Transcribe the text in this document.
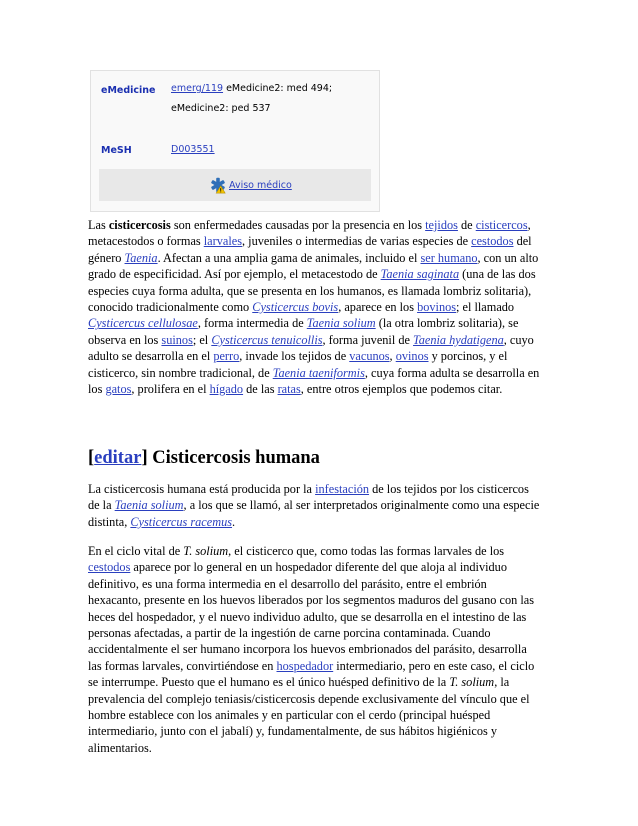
eMedicine emerg/119 eMedicine2: med 494;
eMedicine2: ped 537
MeSH	D003551
Aviso médico
Las cisticercosis son enfermedades causadas por la presencia en los tejidos de cisticercos,
metacestodos o formas larvales, juveniles o intermedias de varias especies de cestodos del
género Taenia. Afectan a una amplia gama de animales, incluido el ser humano, con un alto
grado de especificidad. Así por ejemplo, el metacestodo de Taenia saginata (una de las dos
especies cuya forma adulta, que se presenta en los humanos, es llamada lombriz solitaria),
conocido tradicionalmente como Cysticercus bovis, aparece en los bovinos; el llamado
Cysticercus cellulosae, forma intermedia de Taenia solium (la otra lombriz solitaria), se
observa en los suinos; el Cysticercus tenuicollis, forma juvenil de Taenia hydatigena, cuyo
adulto se desarrolla en el perro, invade los tejidos de vacunos, ovinos y porcinos, y el
cisticerco, sin nombre tradicional, de Taenia taeniformis, cuya forma adulta se desarrolla en
los gatos, prolifera en el hígado de las ratas, entre otros ejemplos que podemos citar.
[editar] Cisticercosis humana
La cisticercosis humana está producida por la infestación de los tejidos por los cisticercos
de la Taenia solium, a los que se llamó, al ser interpretados originalmente como una especie
distinta, Cysticercus racemus.
En el ciclo vital de T. solium, el cisticerco que, como todas las formas larvales de los
cestodos aparece por lo general en un hospedador diferente del que aloja al individuo
definitivo, es una forma intermedia en el desarrollo del parásito, entre el embrión
hexacanto, presente en los huevos liberados por los segmentos maduros del gusano con las
heces del hospedador, y el nuevo individuo adulto, que se desarrolla en el intestino de las
personas afectadas, a partir de la ingestión de carne porcina contaminada. Cuando
accidentalmente el ser humano incorpora los huevos embrionados del parásito, desarrolla
las formas larvales, convirtiéndose en hospedador intermediario, pero en este caso, el ciclo
se interrumpe. Puesto que el humano es el único huésped definitivo de la T. solium, la
prevalencia del complejo teniasis/cisticercosis depende exclusivamente del vínculo que el
hombre establece con los animales y en particular con el cerdo (principal huésped
intermediario, junto con el jabalí) y, fundamentalmente, de sus hábitos higiénicos y
alimentarios.
